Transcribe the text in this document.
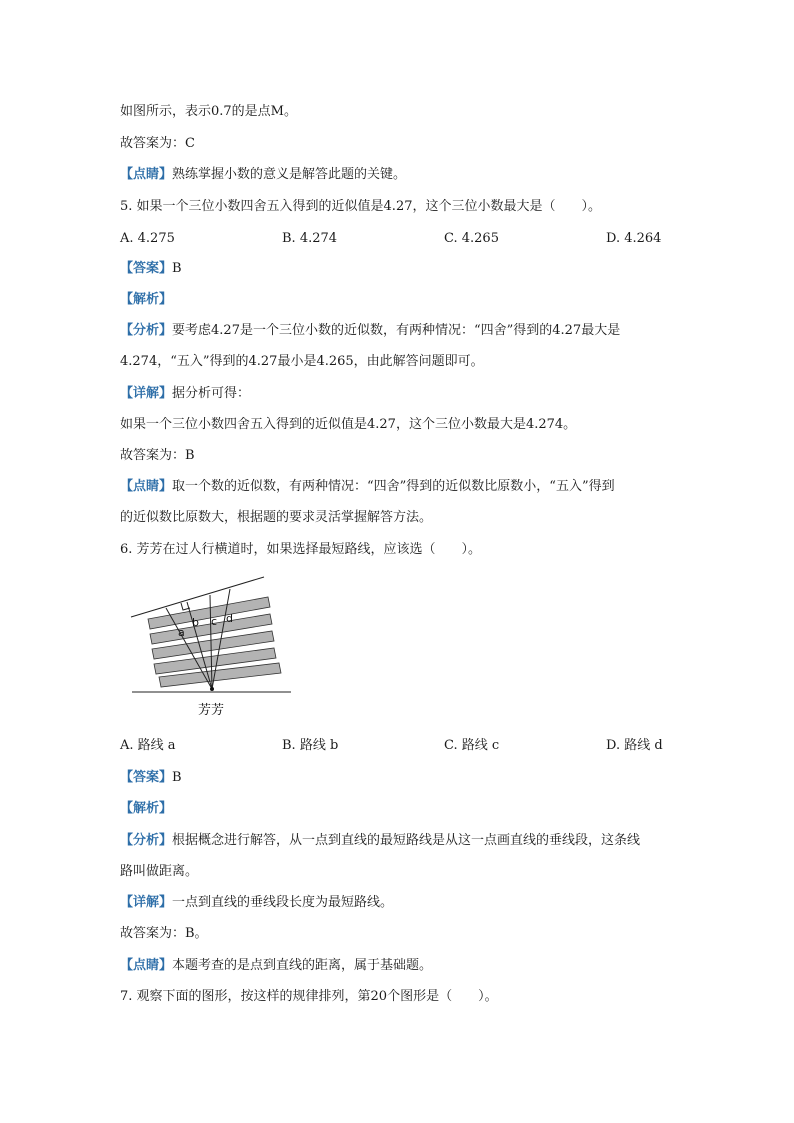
如图所示，表示0.7的是点M。
故答案为：C
【点睛】熟练掌握小数的意义是解答此题的关键。
5. 如果一个三位小数四舍五入得到的近似值是4.27，这个三位小数最大是（　　）。
A. 4.275	B. 4.274	C. 4.265	D. 4.264
【答案】B
【解析】
【分析】要考虑4.27是一个三位小数的近似数，有两种情况：“四舍”得到的4.27最大是
4.274，“五入”得到的4.27最小是4.265，由此解答问题即可。
【详解】据分析可得：
如果一个三位小数四舍五入得到的近似值是4.27，这个三位小数最大是4.274。
故答案为：B
【点睛】取一个数的近似数，有两种情况：“四舍”得到的近似数比原数小，“五入”得到
的近似数比原数大，根据题的要求灵活掌握解答方法。
6. 芳芳在过人行横道时，如果选择最短路线，应该选（　　）。
a
b c d
芳芳
A. 路线 a	B. 路线 b	C. 路线 c	D. 路线 d
【答案】B
【解析】
【分析】根据概念进行解答，从一点到直线的最短路线是从这一点画直线的垂线段，这条线
路叫做距离。
【详解】一点到直线的垂线段长度为最短路线。
故答案为：B。
【点睛】本题考查的是点到直线的距离，属于基础题。
7. 观察下面的图形，按这样的规律排列，第20个图形是（　　）。
